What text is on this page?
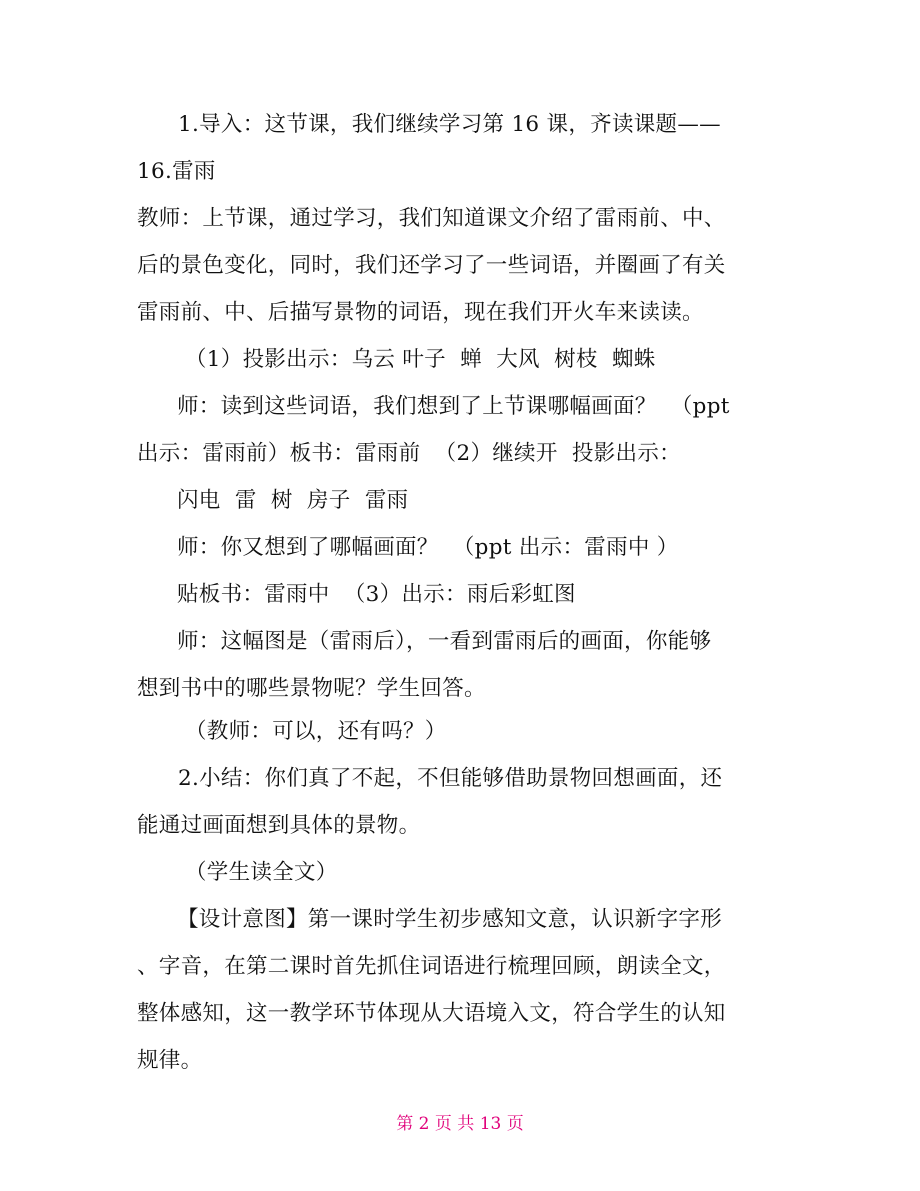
1.导入：这节课，我们继续学习第 16 课，齐读课题——
16.雷雨
教师：上节课，通过学习，我们知道课文介绍了雷雨前、中、
后的景色变化，同时，我们还学习了一些词语，并圈画了有关
雷雨前、中、后描写景物的词语，现在我们开火车来读读。
（1）投影出示：乌云 叶子  蝉  大风  树枝  蜘蛛
师：读到这些词语，我们想到了上节课哪幅画面？  （ppt
出示：雷雨前）板书：雷雨前  （2）继续开  投影出示：
闪电  雷  树  房子  雷雨
师：你又想到了哪幅画面？  （ppt 出示：雷雨中 ）
贴板书：雷雨中  （3）出示：雨后彩虹图
师：这幅图是（雷雨后），一看到雷雨后的画面，你能够
想到书中的哪些景物呢？学生回答。
（教师：可以，还有吗？）
2.小结：你们真了不起，不但能够借助景物回想画面，还
能通过画面想到具体的景物。
（学生读全文）
【设计意图】第一课时学生初步感知文意，认识新字字形
、字音，在第二课时首先抓住词语进行梳理回顾，朗读全文，
整体感知，这一教学环节体现从大语境入文，符合学生的认知
规律。
第 2 页 共 13 页
